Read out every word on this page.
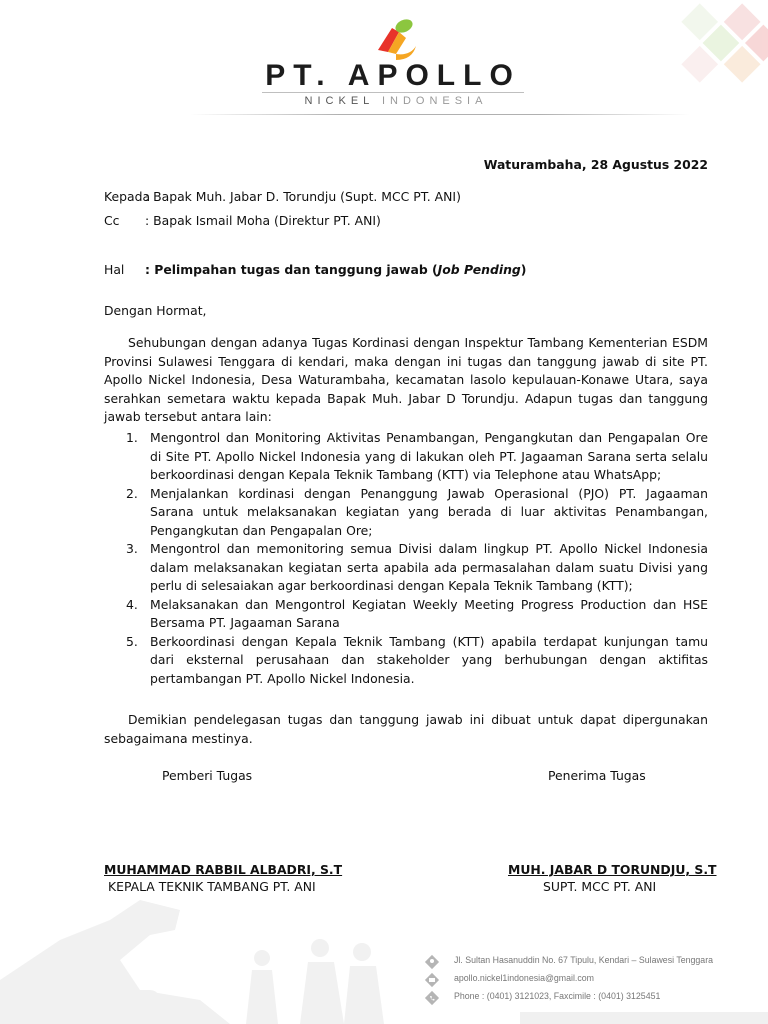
PT. APOLLO
NICKEL INDONESIA
Waturambaha, 28 Agustus 2022
Kepada
: Bapak Muh. Jabar D. Torundju (Supt. MCC PT. ANI)
Cc : Bapak Ismail Moha (Direktur PT. ANI)
Hal : Pelimpahan tugas dan tanggung jawab (Job Pending)
Dengan Hormat,
Sehubungan dengan adanya Tugas Kordinasi dengan Inspektur Tambang Kementerian ESDM Provinsi Sulawesi Tenggara di kendari, maka dengan ini tugas dan tanggung jawab di site PT. Apollo Nickel Indonesia, Desa Waturambaha, kecamatan lasolo kepulauan-Konawe Utara, saya serahkan semetara waktu kepada Bapak Muh. Jabar D Torundju. Adapun tugas dan tanggung jawab tersebut antara lain:
1. Mengontrol dan Monitoring Aktivitas Penambangan, Pengangkutan dan Pengapalan Ore di Site PT. Apollo Nickel Indonesia yang di lakukan oleh PT. Jagaaman Sarana serta selalu berkoordinasi dengan Kepala Teknik Tambang (KTT) via Telephone atau WhatsApp;
2. Menjalankan kordinasi dengan Penanggung Jawab Operasional (PJO) PT. Jagaaman Sarana untuk melaksanakan kegiatan yang berada di luar aktivitas Penambangan, Pengangkutan dan Pengapalan Ore;
3. Mengontrol dan memonitoring semua Divisi dalam lingkup PT. Apollo Nickel Indonesia dalam melaksanakan kegiatan serta apabila ada permasalahan dalam suatu Divisi yang perlu di selesaiakan agar berkoordinasi dengan Kepala Teknik Tambang (KTT);
4. Melaksanakan dan Mengontrol Kegiatan Weekly Meeting Progress Production dan HSE Bersama PT. Jagaaman Sarana
5. Berkoordinasi dengan Kepala Teknik Tambang (KTT) apabila terdapat kunjungan tamu dari eksternal perusahaan dan stakeholder yang berhubungan dengan aktifitas pertambangan PT. Apollo Nickel Indonesia.
Demikian pendelegasan tugas dan tanggung jawab ini dibuat untuk dapat dipergunakan sebagaimana mestinya.
Pemberi Tugas	Penerima Tugas
MUHAMMAD RABBIL ALBADRI, S.T
KEPALA TEKNIK TAMBANG PT. ANI
MUH. JABAR D TORUNDJU, S.T
SUPT. MCC PT. ANI
Jl. Sultan Hasanuddin No. 67 Tipulu, Kendari – Sulawesi Tenggara
apollo.nickel1indonesia@gmail.com
Phone : (0401) 3121023, Faxcimile : (0401) 3125451
